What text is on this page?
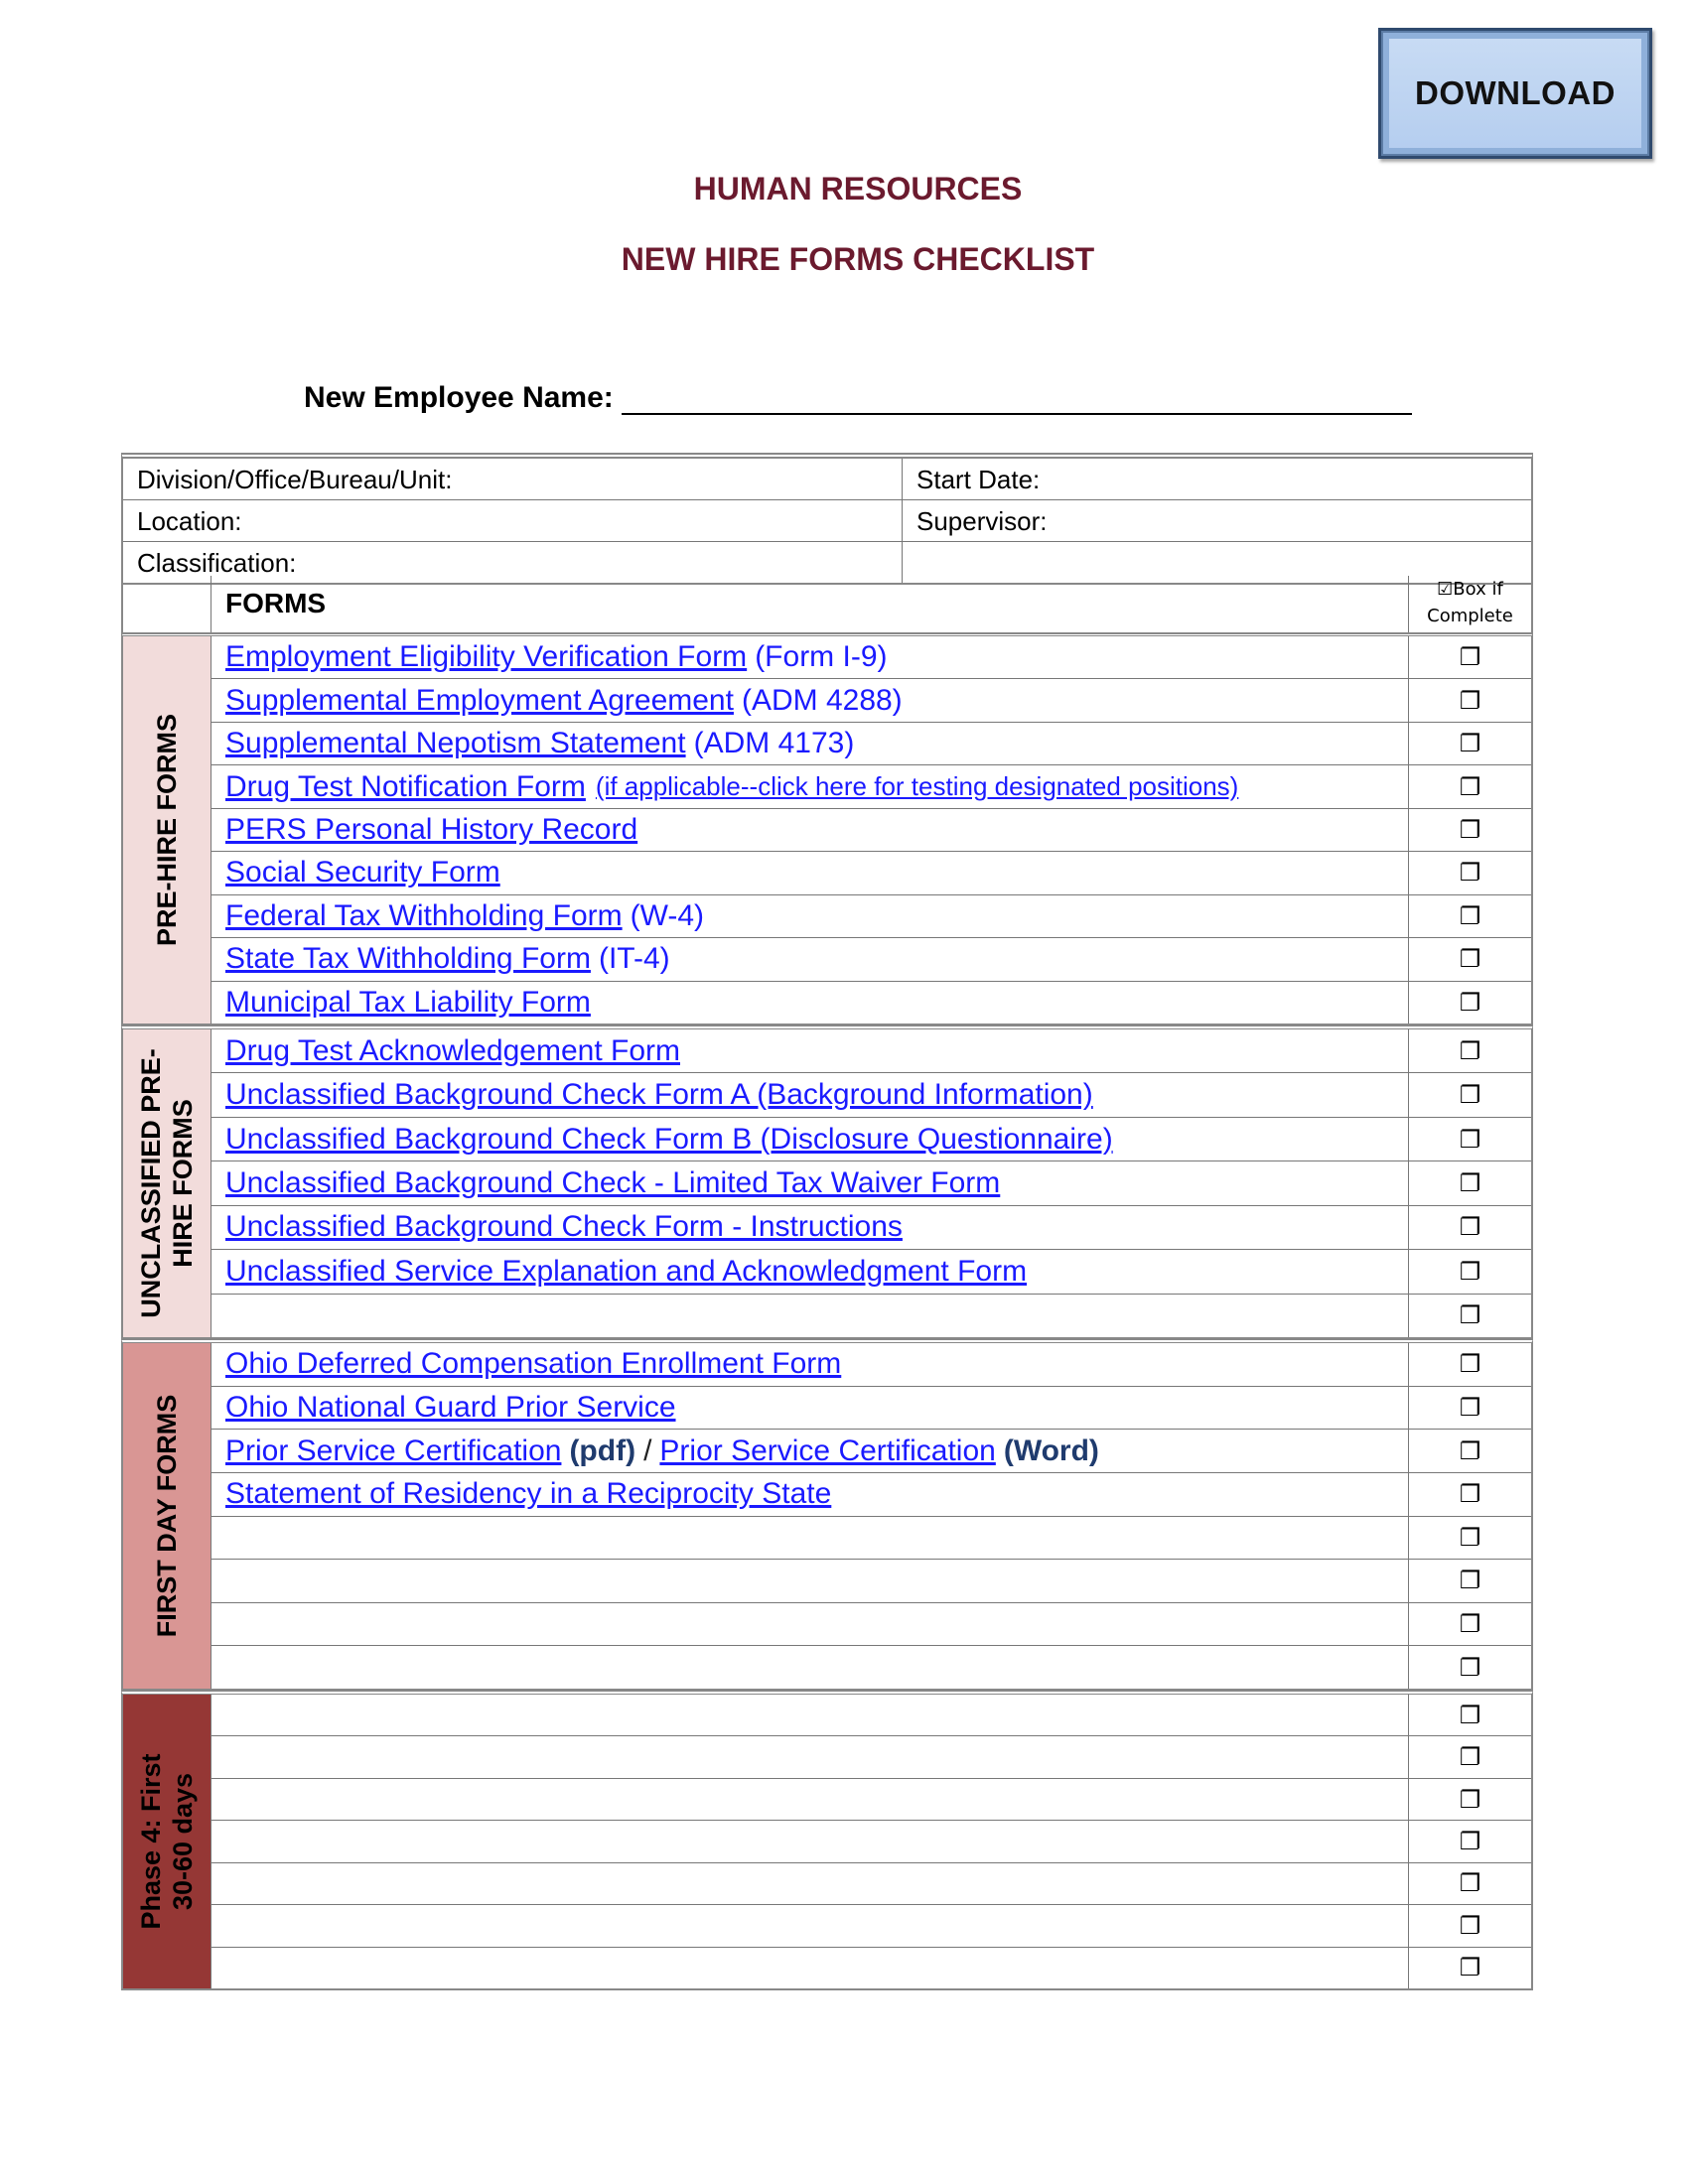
DOWNLOAD
HUMAN RESOURCES
NEW HIRE FORMS CHECKLIST
New Employee Name:
Division/Office/Bureau/Unit:	Start Date:
Location:	Supervisor:
Classification:
FORMS	☑Box if
Complete
PRE-HIRE FORMS
Employment Eligibility Verification Form (Form I-9)	❐
Supplemental Employment Agreement (ADM 4288)	❐
Supplemental Nepotism Statement (ADM 4173)	❐
Drug Test Notification Form (if applicable--click here for testing designated positions)	❐
PERS Personal History Record	❐
Social Security Form	❐
Federal Tax Withholding Form (W-4)	❐
State Tax Withholding Form (IT-4)	❐
Municipal Tax Liability Form	❐
UNCLASSIFIED PRE- HIRE FORMS
Drug Test Acknowledgement Form	❐
Unclassified Background Check Form A (Background Information)	❐
Unclassified Background Check Form B (Disclosure Questionnaire)	❐
Unclassified Background Check - Limited Tax Waiver Form	❐
Unclassified Background Check Form - Instructions	❐
Unclassified Service Explanation and Acknowledgment Form	❐
❐
FIRST DAY FORMS
Ohio Deferred Compensation Enrollment Form	❐
Ohio National Guard Prior Service	❐
Prior Service Certification (pdf) / Prior Service Certification (Word)	❐
Statement of Residency in a Reciprocity State	❐
❐
❐
❐
❐
Phase 4: First 30-60 days
❐
❐
❐
❐
❐
❐
❐
